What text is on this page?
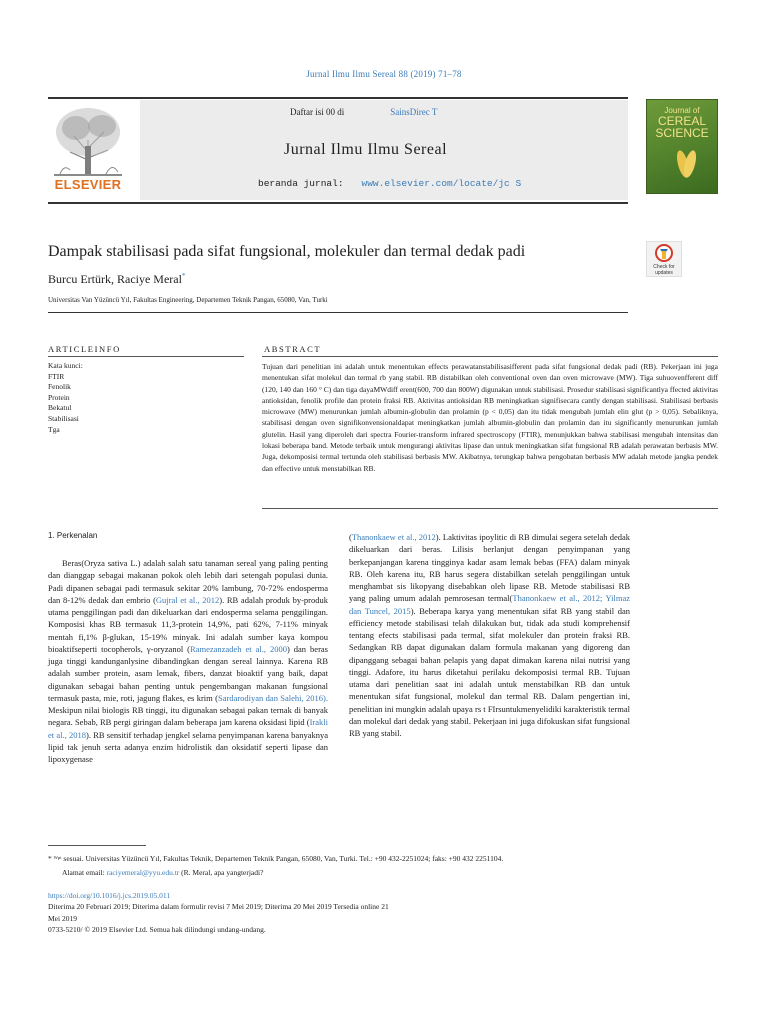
Jurnal Ilmu Ilmu Sereal 88 (2019) 71–78
ELSEVIER
Daftar isi 00 di	SainsDirec T
Jurnal Ilmu Ilmu Sereal
beranda jurnal: www.elsevier.com/locate/jc S
Journal of
CEREAL
SCIENCE
Dampak stabilisasi pada sifat fungsional, molekuler dan termal dedak padi
Burcu Ertürk, Raciye Meral*
Universitas Van Yüzüncü Yıl, Fakultas Engineering, Departemen Teknik Pangan, 65080, Van, Turki
Check for
updates
ARTICLEINFO	ABSTRACT
Kata kunci:
FTIR
Fenolik
Protein
Bekatul
Stabilisasi
Tga
Tujuan dari penelitian ini adalah untuk menentukan effects perawatanstabilisasifferent pada sifat fungsional dedak padi (RB). Pekerjaan ini juga menentukan sifat molekul dan termal rb yang stabil. RB distabilkan oleh conventional oven dan oven microwave (MW). Tiga suhuovenfferent diff (120, 140 dan 160 ° C) dan tiga dayaMWdiff erent(600, 700 dan 800W) digunakan untuk stabilisasi. Prosedur stabilisasi significantlya ffected aktivitas antioksidan, fenolik profile dan protein fraksi RB. Aktivitas antioksidan RB meningkatkan signifisecara cantly dengan stabilisasi. Stabilisasi berbasis microwave (MW) menurunkan jumlah albumin-globulin dan prolamin (p < 0,05) dan itu tidak mengubah jumlah elin glut (p > 0,05). Sebaliknya, stabilisasi dengan oven signifikonvensionaldapat meningkatkan jumlah albumin-globulin dan prolamin dan itu significantly menurunkan jumlah glutelin. Hasil yang diperoleh dari spectra Fourier-transform infrared spectroscopy (FTIR), menunjukkan bahwa stabilisasi mengubah intensitas dan lokasi beberapa band. Metode terbaik untuk mengurangi aktivitas lipase dan untuk meningkatkan sifat fungsional RB adalah perawatan berbasis MW. Juga, dekomposisi termal tertunda oleh stabilisasi berbasis MW. Akibatnya, terungkap bahwa pengobatan berbasis MW adalah metode jangka pendek dan effective untuk menstabilkan RB.
1. Perkenalan
Beras(Oryza sativa L.) adalah salah satu tanaman sereal yang paling penting dan dianggap sebagai makanan pokok oleh lebih dari setengah populasi dunia. Padi dipanen sebagai padi termasuk sekitar 20% lambung, 70-72% endosperma dan 8-12% dedak dan embrio (Gujral et al., 2012). RB adalah produk by-produk utama penggilingan padi dan dikeluarkan dari endosperma selama penggilingan. Komposisi khas RB termasuk 11,3-protein 14,9%, pati 62%, 7-11% minyak mentah fi,1% β-glukan, 15-19% minyak. Ini adalah sumber kaya kompou bioaktifseperti tocopherols, γ-oryzanol (Ramezanzadeh et al., 2000) dan beras juga tinggi kandunganlysine dibandingkan dengan sereal lainnya. Karena RB adalah sumber protein, asam lemak, fibers, danzat bioaktif yang baik, dapat digunakan sebagai bahan penting untuk pengembangan makanan fungsional termasuk pasta, mie, roti, jagung flakes, es krim (Sardarodiyan dan Salehi, 2016). Meskipun nilai biologis RB tinggi, itu digunakan sebagai pakan ternak di banyak negara. Sebab, RB pergi giringan dalam beberapa jam karena oksidasi lipid (Irakli et al., 2018). RB sensitif terhadap jengkel selama penyimpanan karena banyaknya lipid tak jenuh serta adanya enzim hidrolistik dan oksidatif seperti lipase dan lipoxygenase
(Thanonkaew et al., 2012). Laktivitas ipoylitic di RB dimulai segera setelah dedak dikeluarkan dari beras. Lilisis berlanjut dengan penyimpanan yang berkepanjangan karena tingginya kadar asam lemak bebas (FFA) dalam minyak RB. Oleh karena itu, RB harus segera distabilkan setelah penggilingan untuk menghambat sis likopyang disebabkan oleh lipase RB. Metode stabilisasi RB yang paling umum adalah pemrosesan termal(Thanonkaew et al., 2012; Yilmaz dan Tuncel, 2015). Beberapa karya yang menentukan sifat RB yang stabil dan efficiency metode stabilisasi telah dilakukan but, tidak ada studi komprehensif tentang efects stabilisasi pada termal, sifat molekuler dan protein fraksi RB. Sedangkan RB dapat digunakan dalam formula makanan yang digoreng dan dipanggang sebagai bahan pelapis yang dapat dimakan karena nilai nutrisi yang tinggi. Adafore, itu harus diketahui perilaku dekomposisi termal RB. Tujuan utama dari penelitian saat ini adalah untuk menstabilkan RB dan untuk menentukan sifat fungsional, molekul dan termal RB. Dalam pengertian ini, penelitian ini mungkin adalah upaya rs t FIrsuntukmenyelidiki karakteristik termal dan molekul dari dedak yang stabil. Pekerjaan ini juga difokuskan sifat fungsional RB yang stabil.
* ᵂᵖᵗ sesuai. Universitas Yüzüncü Yıl, Fakultas Teknik, Departemen Teknik Pangan, 65080, Van, Turki. Tel.: +90 432-2251024; faks: +90 432 2251104.
Alamat email: raciyemeral@yyu.edu.tr (R. Meral, apa yangterjadi?
https://doi.org/10.1016/j.jcs.2019.05.011
Diterima 20 Februari 2019; Diterima dalam formulir revisi 7 Mei 2019; Diterima 20 Mei 2019 Tersedia online 21
Mei 2019
0733-5210/ © 2019 Elsevier Ltd. Semua hak dilindungi undang-undang.
